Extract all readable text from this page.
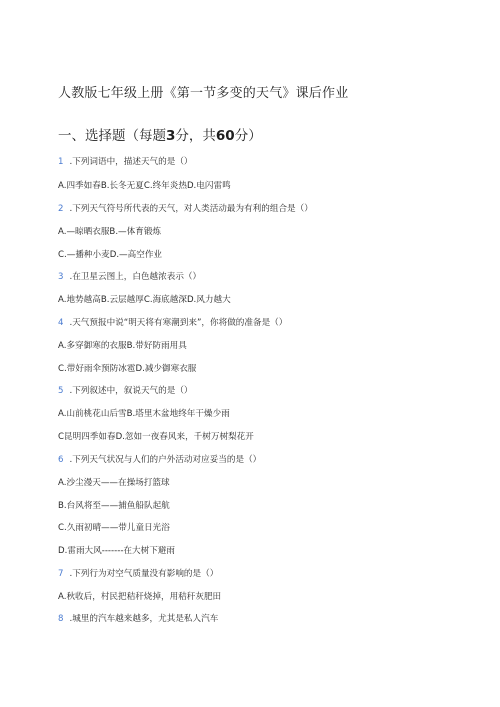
人教版七年级上册《第一节多变的天气》课后作业
一、选择题（每题3分，共60分）
1 .下列词语中，描述天气的是（）
A.四季如春B.长冬无夏C.终年炎热D.电闪雷鸣
2 .下列天气符号所代表的天气，对人类活动最为有利的组合是（）
A.—晾晒衣服B.—体育锻炼
C.—播种小麦D.—高空作业
3 .在卫星云图上，白色越浓表示（）
A.地势越高B.云层越厚C.海底越深D.风力越大
4 .天气预报中说“明天将有寒潮到来”，你将做的准备是（）
A.多穿御寒的衣服B.带好防雨用具
C.带好雨伞预防冰雹D.减少御寒衣服
5 .下列叙述中，叙说天气的是（）
A.山前桃花山后雪B.塔里木盆地终年干燥少雨
C昆明四季如春D.忽如一夜春风来，千树万树梨花开
6 .下列天气状况与人们的户外活动对应妥当的是（）
A.沙尘漫天——在操场打篮球
B.台风将至——捕鱼船队起航
C.久雨初晴——带儿童日光浴
D.雷雨大风-------在大树下避雨
7 .下列行为对空气质量没有影响的是（）
A.秋收后，村民把秸秆烧掉，用秸秆灰肥田
8 .城里的汽车越来越多，尤其是私人汽车
